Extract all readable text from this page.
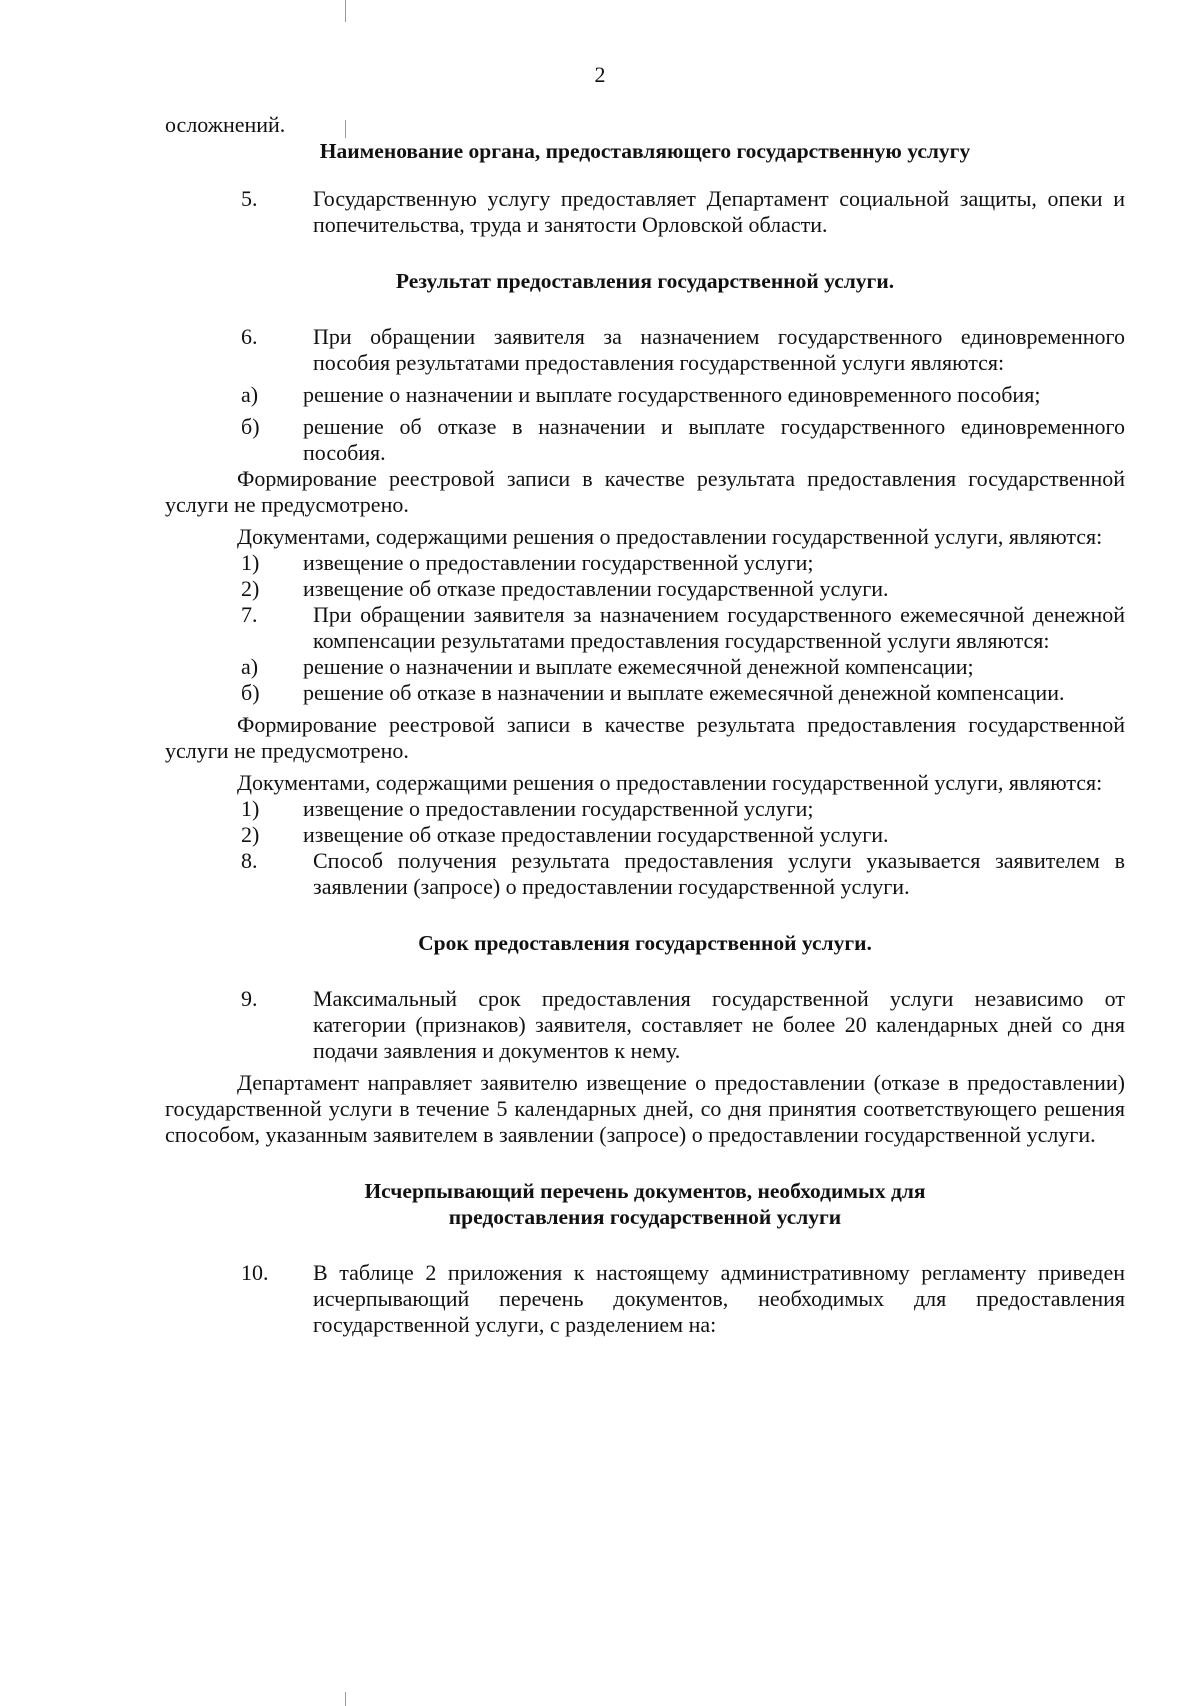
2

осложнений.

Наименование органа, предоставляющего государственную услугу

5.	Государственную услугу предоставляет Департамент социальной защиты, опеки и попечительства, труда и занятости Орловской области.

Результат предоставления государственной услуги.

6.	При обращении заявителя за назначением государственного единовременного пособия результатами предоставления государственной услуги являются:
а)	решение о назначении и выплате государственного единовременного пособия;
б)	решение об отказе в назначении и выплате государственного единовременного пособия.

Формирование реестровой записи в качестве результата предоставления государственной услуги не предусмотрено.

Документами, содержащими решения о предоставлении государственной услуги, являются:

1)	извещение о предоставлении государственной услуги;
2)	извещение об отказе предоставлении государственной услуги.
7.	При обращении заявителя за назначением государственного ежемесячной денежной компенсации результатами предоставления государственной услуги являются:
а)	решение о назначении и выплате ежемесячной денежной компенсации;
б)	решение об отказе в назначении и выплате ежемесячной денежной компенсации.

Формирование реестровой записи в качестве результата предоставления государственной услуги не предусмотрено.

Документами, содержащими решения о предоставлении государственной услуги, являются:

1)	извещение о предоставлении государственной услуги;
2)	извещение об отказе предоставлении государственной услуги.
8.	Способ получения результата предоставления услуги указывается заявителем в заявлении (запросе) о предоставлении государственной услуги.

Срок предоставления государственной услуги.

9.	Максимальный срок предоставления государственной услуги независимо от категории (признаков) заявителя, составляет не более 20 календарных дней со дня подачи заявления и документов к нему.

Департамент направляет заявителю извещение о предоставлении (отказе в предоставлении) государственной услуги в течение 5 календарных дней, со дня принятия соответствующего решения способом, указанным заявителем в заявлении (запросе) о предоставлении государственной услуги.

Исчерпывающий перечень документов, необходимых для
предоставления государственной услуги

10.	В таблице 2 приложения к настоящему административному регламенту приведен исчерпывающий перечень документов, необходимых для предоставления государственной услуги, с разделением на:
